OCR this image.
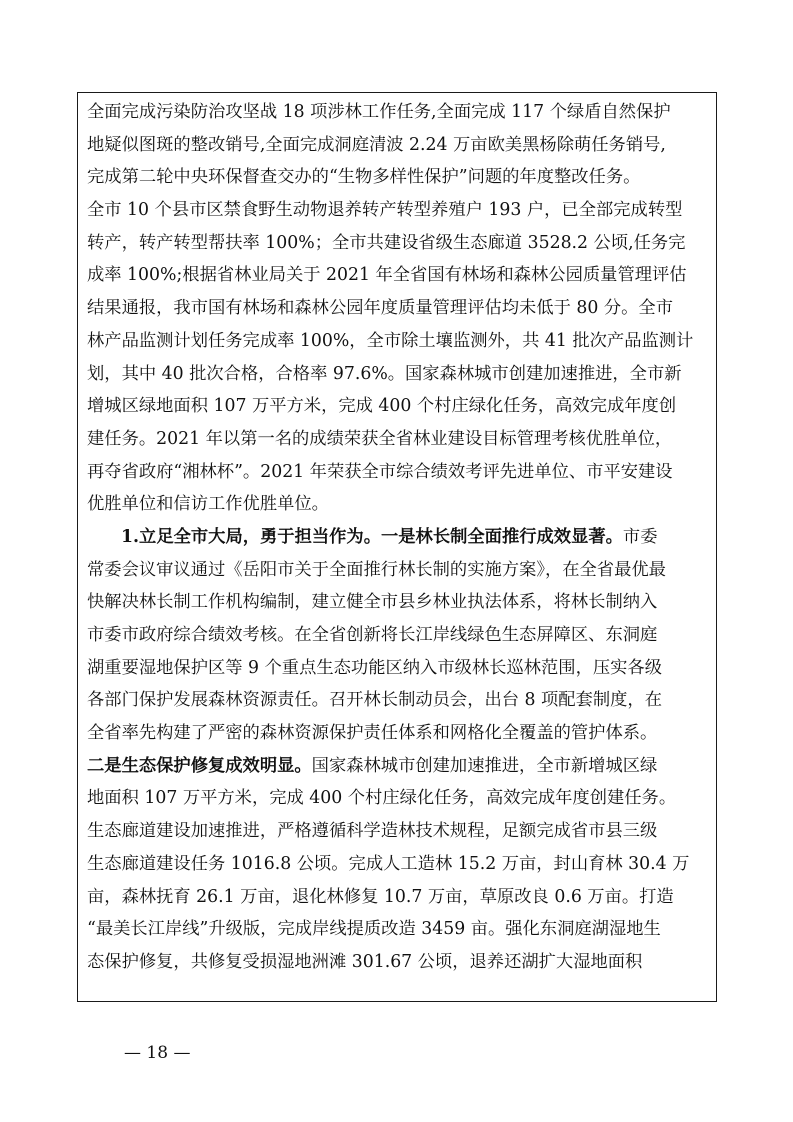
全面完成污染防治攻坚战 18 项涉林工作任务,全面完成 117 个绿盾自然保护
地疑似图斑的整改销号,全面完成洞庭清波 2.24 万亩欧美黑杨除萌任务销号,
完成第二轮中央环保督查交办的“生物多样性保护”问题的年度整改任务。
全市 10 个县市区禁食野生动物退养转产转型养殖户 193 户，已全部完成转型
转产，转产转型帮扶率 100%；全市共建设省级生态廊道 3528.2 公顷,任务完
成率 100%;根据省林业局关于 2021 年全省国有林场和森林公园质量管理评估
结果通报，我市国有林场和森林公园年度质量管理评估均未低于 80 分。全市
林产品监测计划任务完成率 100%，全市除土壤监测外，共 41 批次产品监测计
划，其中 40 批次合格，合格率 97.6%。国家森林城市创建加速推进，全市新
增城区绿地面积 107 万平方米，完成 400 个村庄绿化任务，高效完成年度创
建任务。2021 年以第一名的成绩荣获全省林业建设目标管理考核优胜单位，
再夺省政府“湘林杯”。2021 年荣获全市综合绩效考评先进单位、市平安建设
优胜单位和信访工作优胜单位。
1.立足全市大局，勇于担当作为。一是林长制全面推行成效显著。市委
常委会议审议通过《岳阳市关于全面推行林长制的实施方案》，在全省最优最
快解决林长制工作机构编制，建立健全市县乡林业执法体系，将林长制纳入
市委市政府综合绩效考核。在全省创新将长江岸线绿色生态屏障区、东洞庭
湖重要湿地保护区等 9 个重点生态功能区纳入市级林长巡林范围，压实各级
各部门保护发展森林资源责任。召开林长制动员会，出台 8 项配套制度，在
全省率先构建了严密的森林资源保护责任体系和网格化全覆盖的管护体系。
二是生态保护修复成效明显。国家森林城市创建加速推进，全市新增城区绿
地面积 107 万平方米，完成 400 个村庄绿化任务，高效完成年度创建任务。
生态廊道建设加速推进，严格遵循科学造林技术规程，足额完成省市县三级
生态廊道建设任务 1016.8 公顷。完成人工造林 15.2 万亩，封山育林 30.4 万
亩，森林抚育 26.1 万亩，退化林修复 10.7 万亩，草原改良 0.6 万亩。打造
“最美长江岸线”升级版，完成岸线提质改造 3459 亩。强化东洞庭湖湿地生
态保护修复，共修复受损湿地洲滩 301.67 公顷，退养还湖扩大湿地面积
— 18 —
